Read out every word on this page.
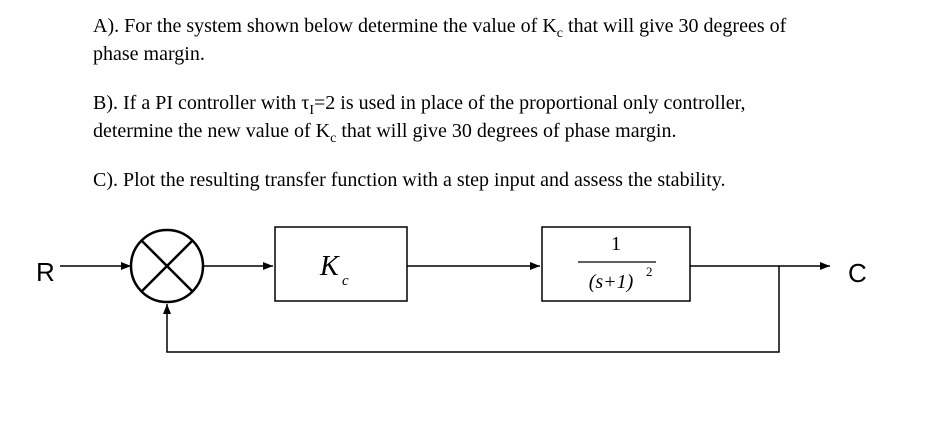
A). For the system shown below determine the value of $K_c$ that will give 30 degrees of
phase margin.

B). If a PI controller with $\tau_I=2$ is used in place of the proportional only controller,
determine the new value of $K_c$ that will give 30 degrees of phase margin.

C). Plot the resulting transfer function with a step input and assess the stability.

R	K c
1
(s+1) 2	C
